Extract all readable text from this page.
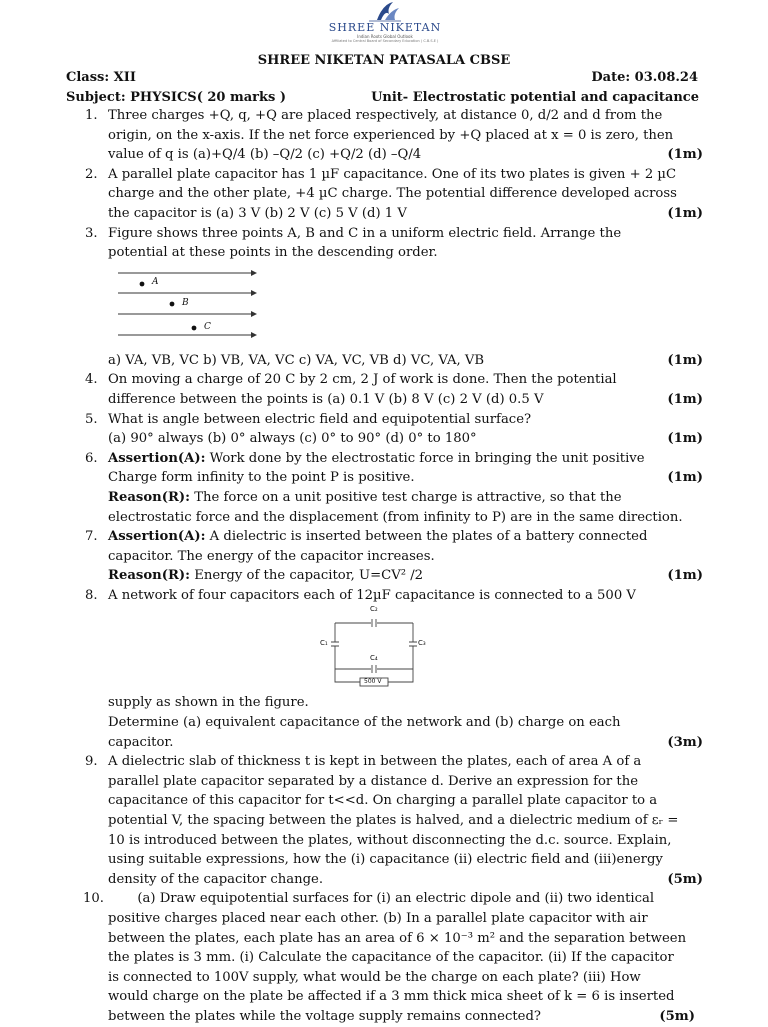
SHREE NIKETAN
Indian Roots Global Outlook
Affiliated to Central Board of Secondary Education ( C.B.S.E )
SHREE NIKETAN PATASALA CBSE
Class: XII	Date: 03.08.24
Subject: PHYSICS( 20 marks )	Unit- Electrostatic potential and capacitance
1. Three charges +Q, q, +Q are placed respectively, at distance 0, d/2 and d from the
origin, on the x-axis. If the net force experienced by +Q placed at x = 0 is zero, then
value of q is (a)+Q/4 (b) –Q/2 (c) +Q/2 (d) –Q/4	(1m)
2. A parallel plate capacitor has 1 µF capacitance. One of its two plates is given + 2 µC
charge and the other plate, +4 µC charge. The potential difference developed across
the capacitor is (a) 3 V (b) 2 V (c) 5 V (d) 1 V	(1m)
3. Figure shows three points A, B and C in a uniform electric field. Arrange the
potential at these points in the descending order.
A
B
C
a) VA, VB, VC b) VB, VA, VC c) VA, VC, VB d) VC, VA, VB	(1m)
4. On moving a charge of 20 C by 2 cm, 2 J of work is done. Then the potential
difference between the points is (a) 0.1 V (b) 8 V (c) 2 V (d) 0.5 V	(1m)
5. What is angle between electric field and equipotential surface?
(a) 90° always (b) 0° always (c) 0° to 90° (d) 0° to 180°	(1m)
6. Assertion(A): Work done by the electrostatic force in bringing the unit positive
Charge form infinity to the point P is positive.	(1m)
Reason(R): The force on a unit positive test charge is attractive, so that the
electrostatic force and the displacement (from infinity to P) are in the same direction.
7. Assertion(A): A dielectric is inserted between the plates of a battery connected
capacitor. The energy of the capacitor increases.
Reason(R): Energy of the capacitor, U=CV² /2	(1m)
8. A network of four capacitors each of 12µF capacitance is connected to a 500 V
C₂
C₁	C₃
C₄
500 V
supply as shown in the figure.
Determine (a) equivalent capacitance of the network and (b) charge on each
capacitor.	(3m)
9. A dielectric slab of thickness t is kept in between the plates, each of area A of a
parallel plate capacitor separated by a distance d. Derive an expression for the
capacitance of this capacitor for t<<d. On charging a parallel plate capacitor to a
potential V, the spacing between the plates is halved, and a dielectric medium of εᵣ =
10 is introduced between the plates, without disconnecting the d.c. source. Explain,
using suitable expressions, how the (i) capacitance (ii) electric field and (iii)energy
density of the capacitor change.	(5m)
10. (a) Draw equipotential surfaces for (i) an electric dipole and (ii) two identical
positive charges placed near each other. (b) In a parallel plate capacitor with air
between the plates, each plate has an area of 6 × 10⁻³ m² and the separation between
the plates is 3 mm. (i) Calculate the capacitance of the capacitor. (ii) If the capacitor
is connected to 100V supply, what would be the charge on each plate? (iii) How
would charge on the plate be affected if a 3 mm thick mica sheet of k = 6 is inserted
between the plates while the voltage supply remains connected?	(5m)
